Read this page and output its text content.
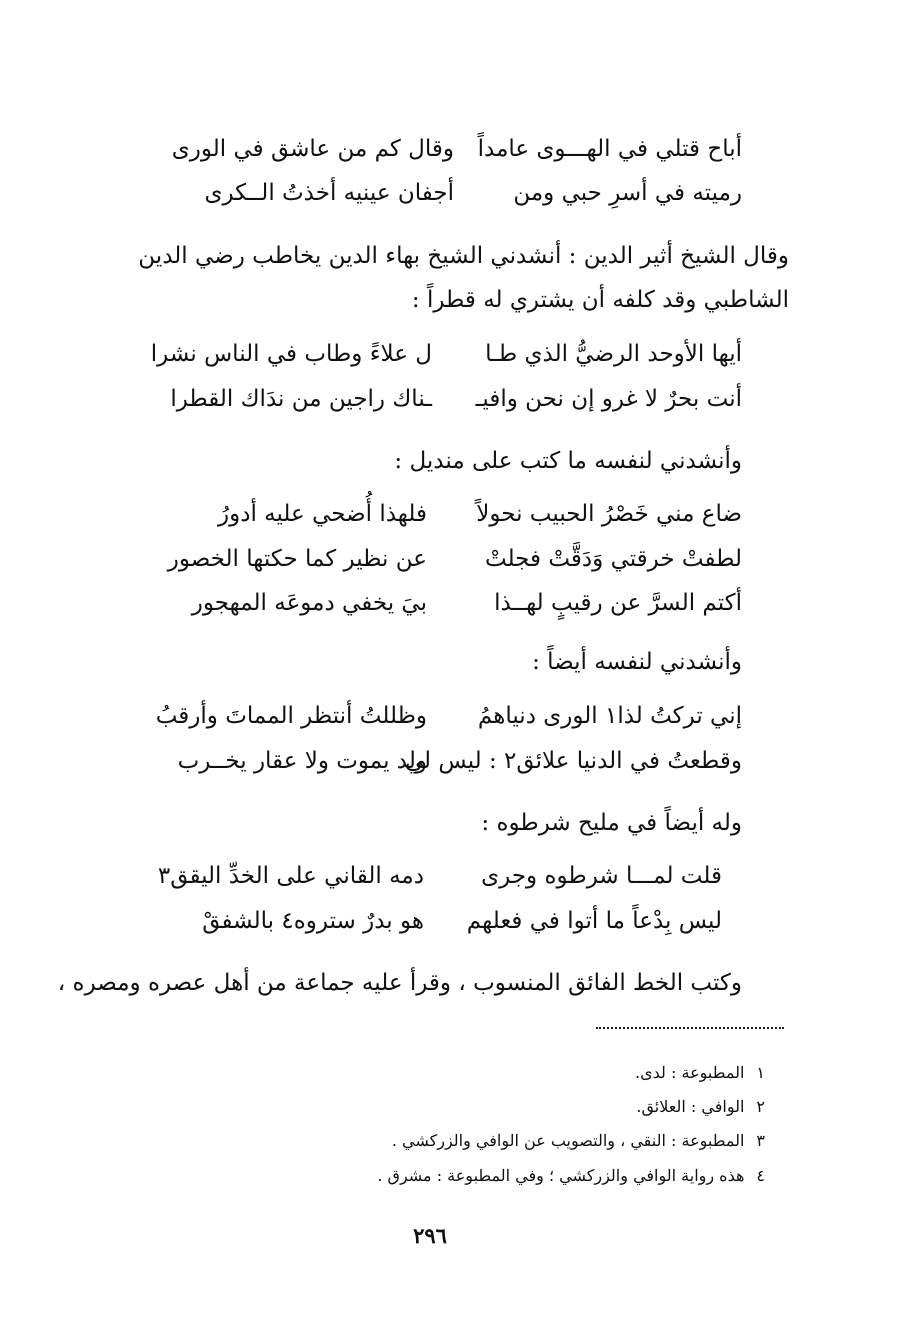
أباح قتلي في الهـــوى عامداً
وقال كم من عاشق في الورى
رميته في أسرِ حبي ومن
أجفان عينيه أخذتُ الــكرى
وقال الشيخ أثير الدين : أنشدني الشيخ بهاء الدين يخاطب رضي الدين
الشاطبي وقد كلفه أن يشتري له قطراً :
أيها الأوحد الرضيُّ الذي طـا
ل علاءً وطاب في الناس نشرا
أنت بحرٌ لا غرو إن نحن وافيـ
ـناك راجين من ندَاك القطرا
وأنشدني لنفسه ما كتب على منديل :
ضاع مني خَصْرُ الحبيب نحولاً
فلهذا أُضحي عليه أدورُ
لطفتْ خرقتي وَدَقَّتْ فجلتْ
عن نظير كما حكتها الخصور
أكتم السرَّ عن رقيبٍ لهــذا
بيَ يخفي دموعَه المهجور
وأنشدني لنفسه أيضاً :
إني تركتُ لذا١ الورى دنياهمُ
وظللتُ أنتظر المماتَ وأرقبُ
وقطعتُ في الدنيا علائق٢ : ليس لي
ولد يموت ولا عقار يخــرب
وله أيضاً في مليح شرطوه :
قلت لمـــا شرطوه وجرى
دمه القاني على الخدِّ اليقق٣
ليس بِدْعاً ما أتوا في فعلهم
هو بدرٌ ستروه٤ بالشفقْ
وكتب الخط الفائق المنسوب ، وقرأ عليه جماعة من أهل عصره ومصره ،
١المطبوعة : لدى.
٢الوافي : العلائق.
٣المطبوعة : النقي ، والتصويب عن الوافي والزركشي .
٤هذه رواية الوافي والزركشي ؛ وفي المطبوعة : مشرق .
٢٩٦
